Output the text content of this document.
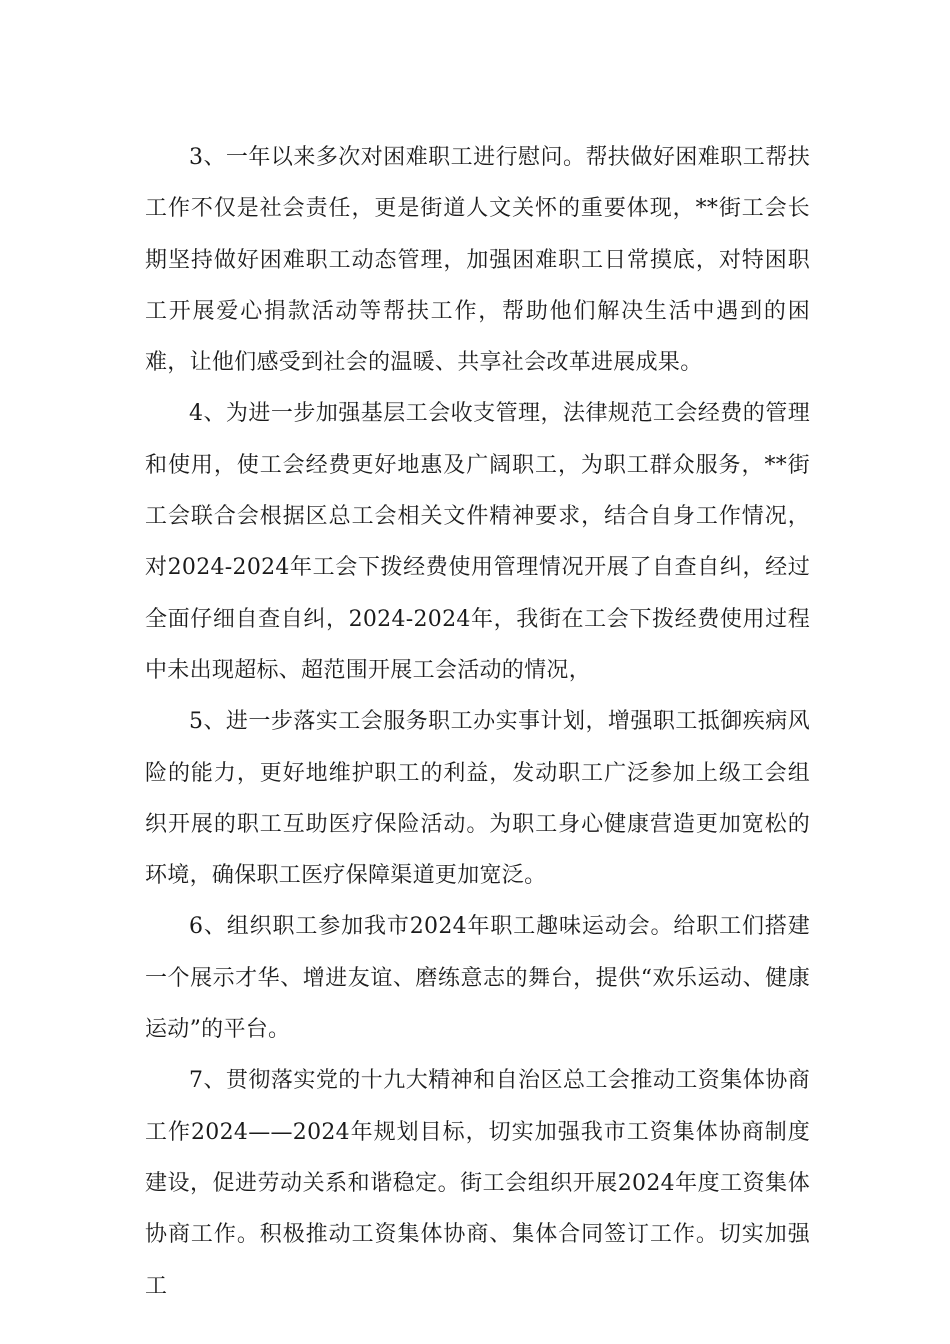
3、一年以来多次对困难职工进行慰问。帮扶做好困难职工帮扶工作不仅是社会责任，更是街道人文关怀的重要体现，**街工会长期坚持做好困难职工动态管理，加强困难职工日常摸底，对特困职工开展爱心捐款活动等帮扶工作，帮助他们解决生活中遇到的困难，让他们感受到社会的温暖、共享社会改革进展成果。

4、为进一步加强基层工会收支管理，法律规范工会经费的管理和使用，使工会经费更好地惠及广阔职工，为职工群众服务，**街工会联合会根据区总工会相关文件精神要求，结合自身工作情况，对2024-2024年工会下拨经费使用管理情况开展了自查自纠，经过全面仔细自查自纠，2024-2024年，我街在工会下拨经费使用过程中未出现超标、超范围开展工会活动的情况，

5、进一步落实工会服务职工办实事计划，增强职工抵御疾病风险的能力，更好地维护职工的利益，发动职工广泛参加上级工会组织开展的职工互助医疗保险活动。为职工身心健康营造更加宽松的环境，确保职工医疗保障渠道更加宽泛。

6、组织职工参加我市2024年职工趣味运动会。给职工们搭建一个展示才华、增进友谊、磨练意志的舞台，提供“欢乐运动、健康运动”的平台。

7、贯彻落实党的十九大精神和自治区总工会推动工资集体协商工作2024——2024年规划目标，切实加强我市工资集体协商制度建设，促进劳动关系和谐稳定。街工会组织开展2024年度工资集体协商工作。积极推动工资集体协商、集体合同签订工作。切实加强工
